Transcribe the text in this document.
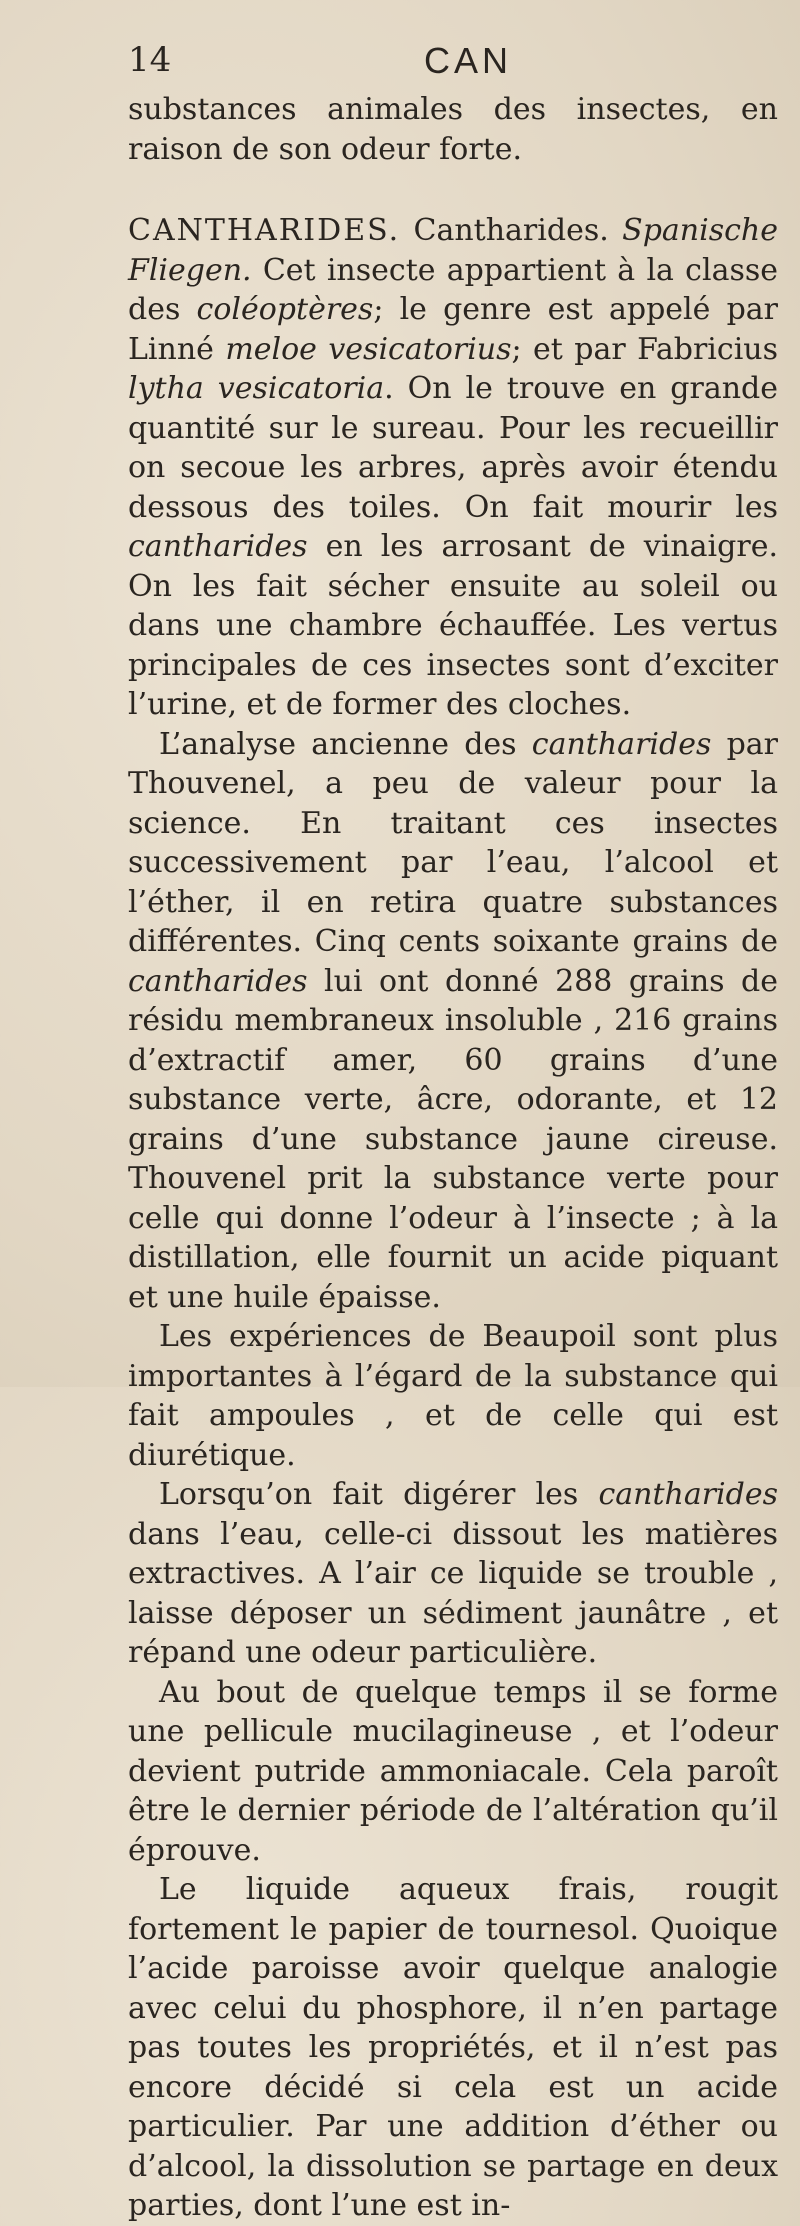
14	CAN

substances animales des insectes, en raison de son odeur forte.

CANTHARIDES. Cantharides. Spanische Fliegen. Cet insecte appartient à la classe des coléoptères; le genre est appelé par Linné meloe vesicatorius; et par Fabricius lytha vesicatoria. On le trouve en grande quantité sur le sureau. Pour les recueillir on secoue les arbres, après avoir étendu dessous des toiles. On fait mourir les cantharides en les arrosant de vinaigre. On les fait sécher ensuite au soleil ou dans une chambre échauffée. Les vertus principales de ces insectes sont d’exciter l’urine, et de former des cloches.

L’analyse ancienne des cantharides par Thouvenel, a peu de valeur pour la science. En traitant ces insectes successivement par l’eau, l’alcool et l’éther, il en retira quatre substances différentes. Cinq cents soixante grains de cantharides lui ont donné 288 grains de résidu membraneux insoluble , 216 grains d’extractif amer, 60 grains d’une substance verte, âcre, odorante, et 12 grains d’une substance jaune cireuse. Thouvenel prit la substance verte pour celle qui donne l’odeur à l’insecte ; à la distillation, elle fournit un acide piquant et une huile épaisse.

Les expériences de Beaupoil sont plus importantes à l’égard de la substance qui fait ampoules , et de celle qui est diurétique.

Lorsqu’on fait digérer les cantharides dans l’eau, celle-ci dissout les matières extractives. A l’air ce liquide se trouble , laisse déposer un sédiment jaunâtre , et répand une odeur particulière.

Au bout de quelque temps il se forme une pellicule mucilagineuse , et l’odeur devient putride ammoniacale. Cela paroît être le dernier période de l’altération qu’il éprouve.

Le liquide aqueux frais, rougit fortement le papier de tournesol. Quoique l’acide paroisse avoir quelque analogie avec celui du phosphore, il n’en partage pas toutes les propriétés, et il n’est pas encore décidé si cela est un acide particulier. Par une addition d’éther ou d’alcool, la dissolution se partage en deux parties, dont l’une est in-
